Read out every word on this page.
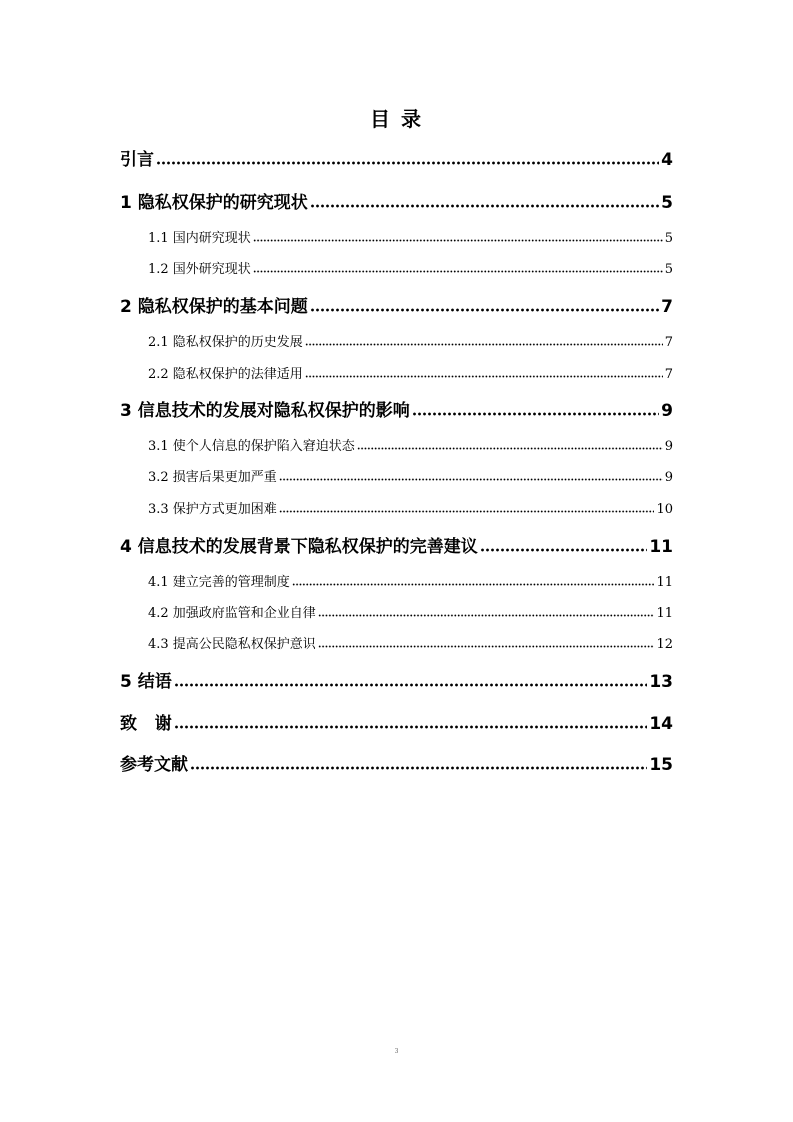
目 录
引言	4
1 隐私权保护的研究现状	5
1.1 国内研究现状	5
1.2 国外研究现状	5
2 隐私权保护的基本问题	7
2.1 隐私权保护的历史发展	7
2.2 隐私权保护的法律适用	7
3 信息技术的发展对隐私权保护的影响	9
3.1 使个人信息的保护陷入窘迫状态	9
3.2 损害后果更加严重	9
3.3 保护方式更加困难	10
4 信息技术的发展背景下隐私权保护的完善建议	11
4.1 建立完善的管理制度	11
4.2 加强政府监管和企业自律	11
4.3 提高公民隐私权保护意识	12
5 结语	13
致   谢	14
参考文献	15
3
